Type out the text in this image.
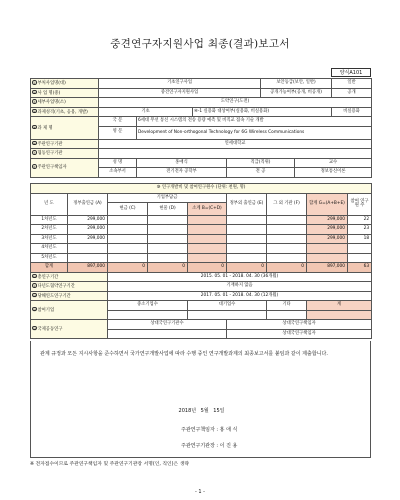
중견연구자지원사업 최종(결과)보고서
양식A101
① 부처사업명(대)	기초연구사업				보안등급(보안, 일반)		일반
② 사 업 명(중)	중견연구자지원사업				공개가능여부(공개, 비공개)		공개
③ 세부사업명(소)	도약연구(도전)						
④ 과제성격(기초, 응용, 개발)	기초		④-1 실용화 대상여부(실용화, 비실용화)				비실용화
⑤ 과 제 명	국 문	6세대 무선 통신 시스템의 전송 용량 예측 및 비직교 접속 기술 개발					
	영 문	Development of Non-orthogonal Technology for 6G Wireless Communications					
⑥ 주관연구기관	연세대학교						
⑦ 협동연구기관							
⑧ 주관연구책임자	성 명	홍애식		직급(직위)		교수	
	소속부서	전기전자 공학부		전 공		정보통신이론	
⑨ 연구개발비 및 참여연구원수 (단위: 천원, 명)								
년 도	정부출연금 (A)	기업부담금			정부외 출연금 (E)	그 외 기관 (F)	합계 G=(A+B+E)	참여 연구원 수
		현금 (C)	현물 (D)	소계 B=(C+D)				
1차년도	299,000						299,000	22
2차년도	299,000						299,000	23
3차년도	299,000						299,000	18
4차년도								
5차년도								
합계	897,000	0	0	0	0	0	897,000	63
⑩ 총연구기간		2015. 05. 01 - 2018. 04. 30 (36개월)						
⑪다년도협약연구기간		기재하지 않음						
⑫당해연도연구기간		2017. 05. 01 - 2018. 04. 30 (12개월)						
⑬참여기업		중소기업수		대기업수		기타	계	

⑭국제공동연구		상대국연구기관수			상대국연구책임자			
					상대국연구책임자			
관계 규정과 모든 지시사항을 준수하면서 국가연구개발사업에 따라 수행 중인 연구개발과제의 최종보고서를 붙임과 같이 제출합니다.
2018년 5월 15일
주관연구책임자 : 홍 애 식
주관연구기관장 : 이 진 용
※ 전자접수이므로 주관연구책임자 및 주관연구기관장 서명(인, 직인)은 생략
- 1 -
